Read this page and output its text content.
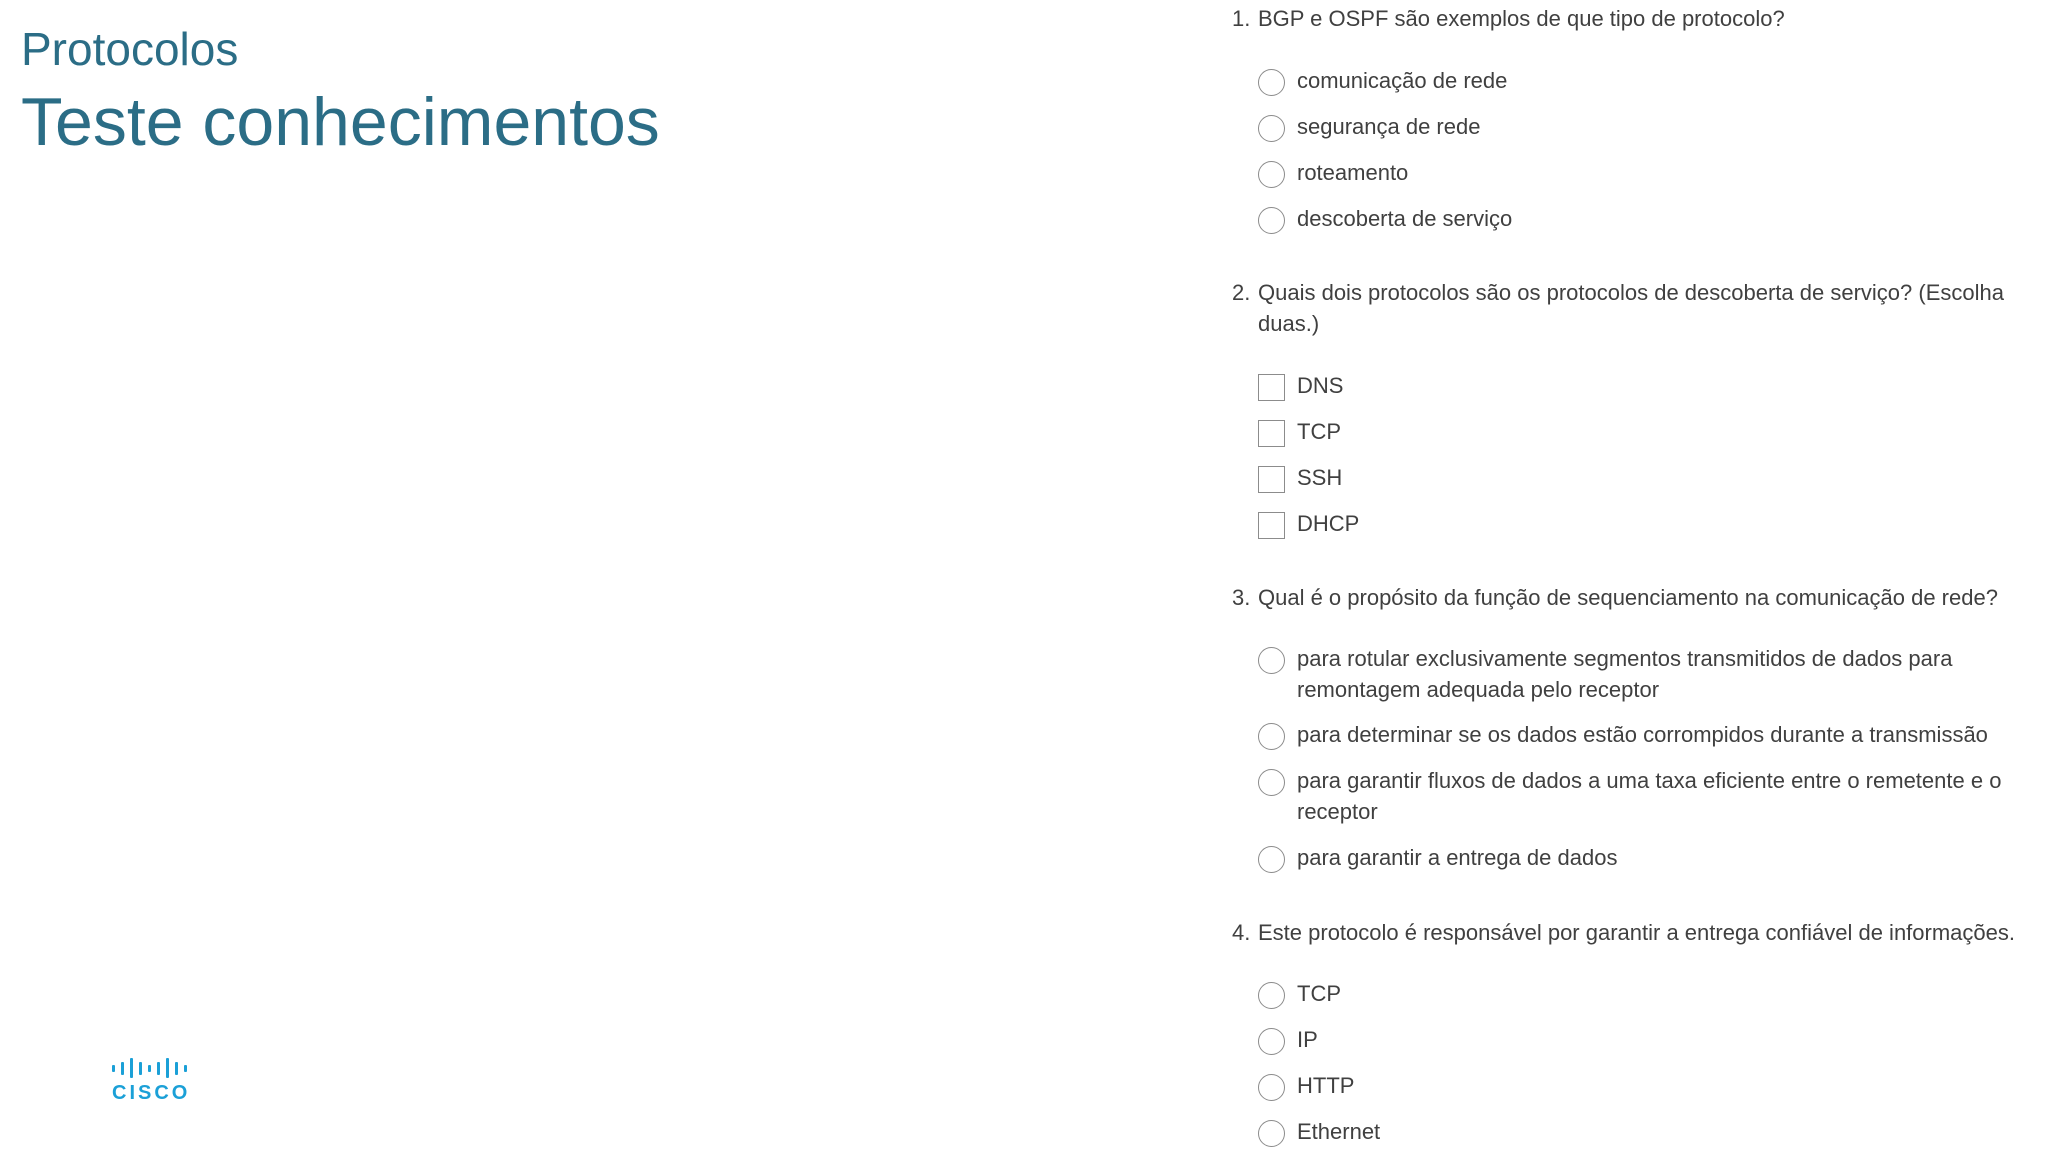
Protocolos
Teste conhecimentos
CISCO
1. BGP e OSPF são exemplos de que tipo de protocolo?
comunicação de rede
segurança de rede
roteamento
descoberta de serviço
2. Quais dois protocolos são os protocolos de descoberta de serviço? (Escolha duas.)
DNS
TCP
SSH
DHCP
3. Qual é o propósito da função de sequenciamento na comunicação de rede?
para rotular exclusivamente segmentos transmitidos de dados para remontagem adequada pelo receptor
para determinar se os dados estão corrompidos durante a transmissão
para garantir fluxos de dados a uma taxa eficiente entre o remetente e o receptor
para garantir a entrega de dados
4. Este protocolo é responsável por garantir a entrega confiável de informações.
TCP
IP
HTTP
Ethernet
